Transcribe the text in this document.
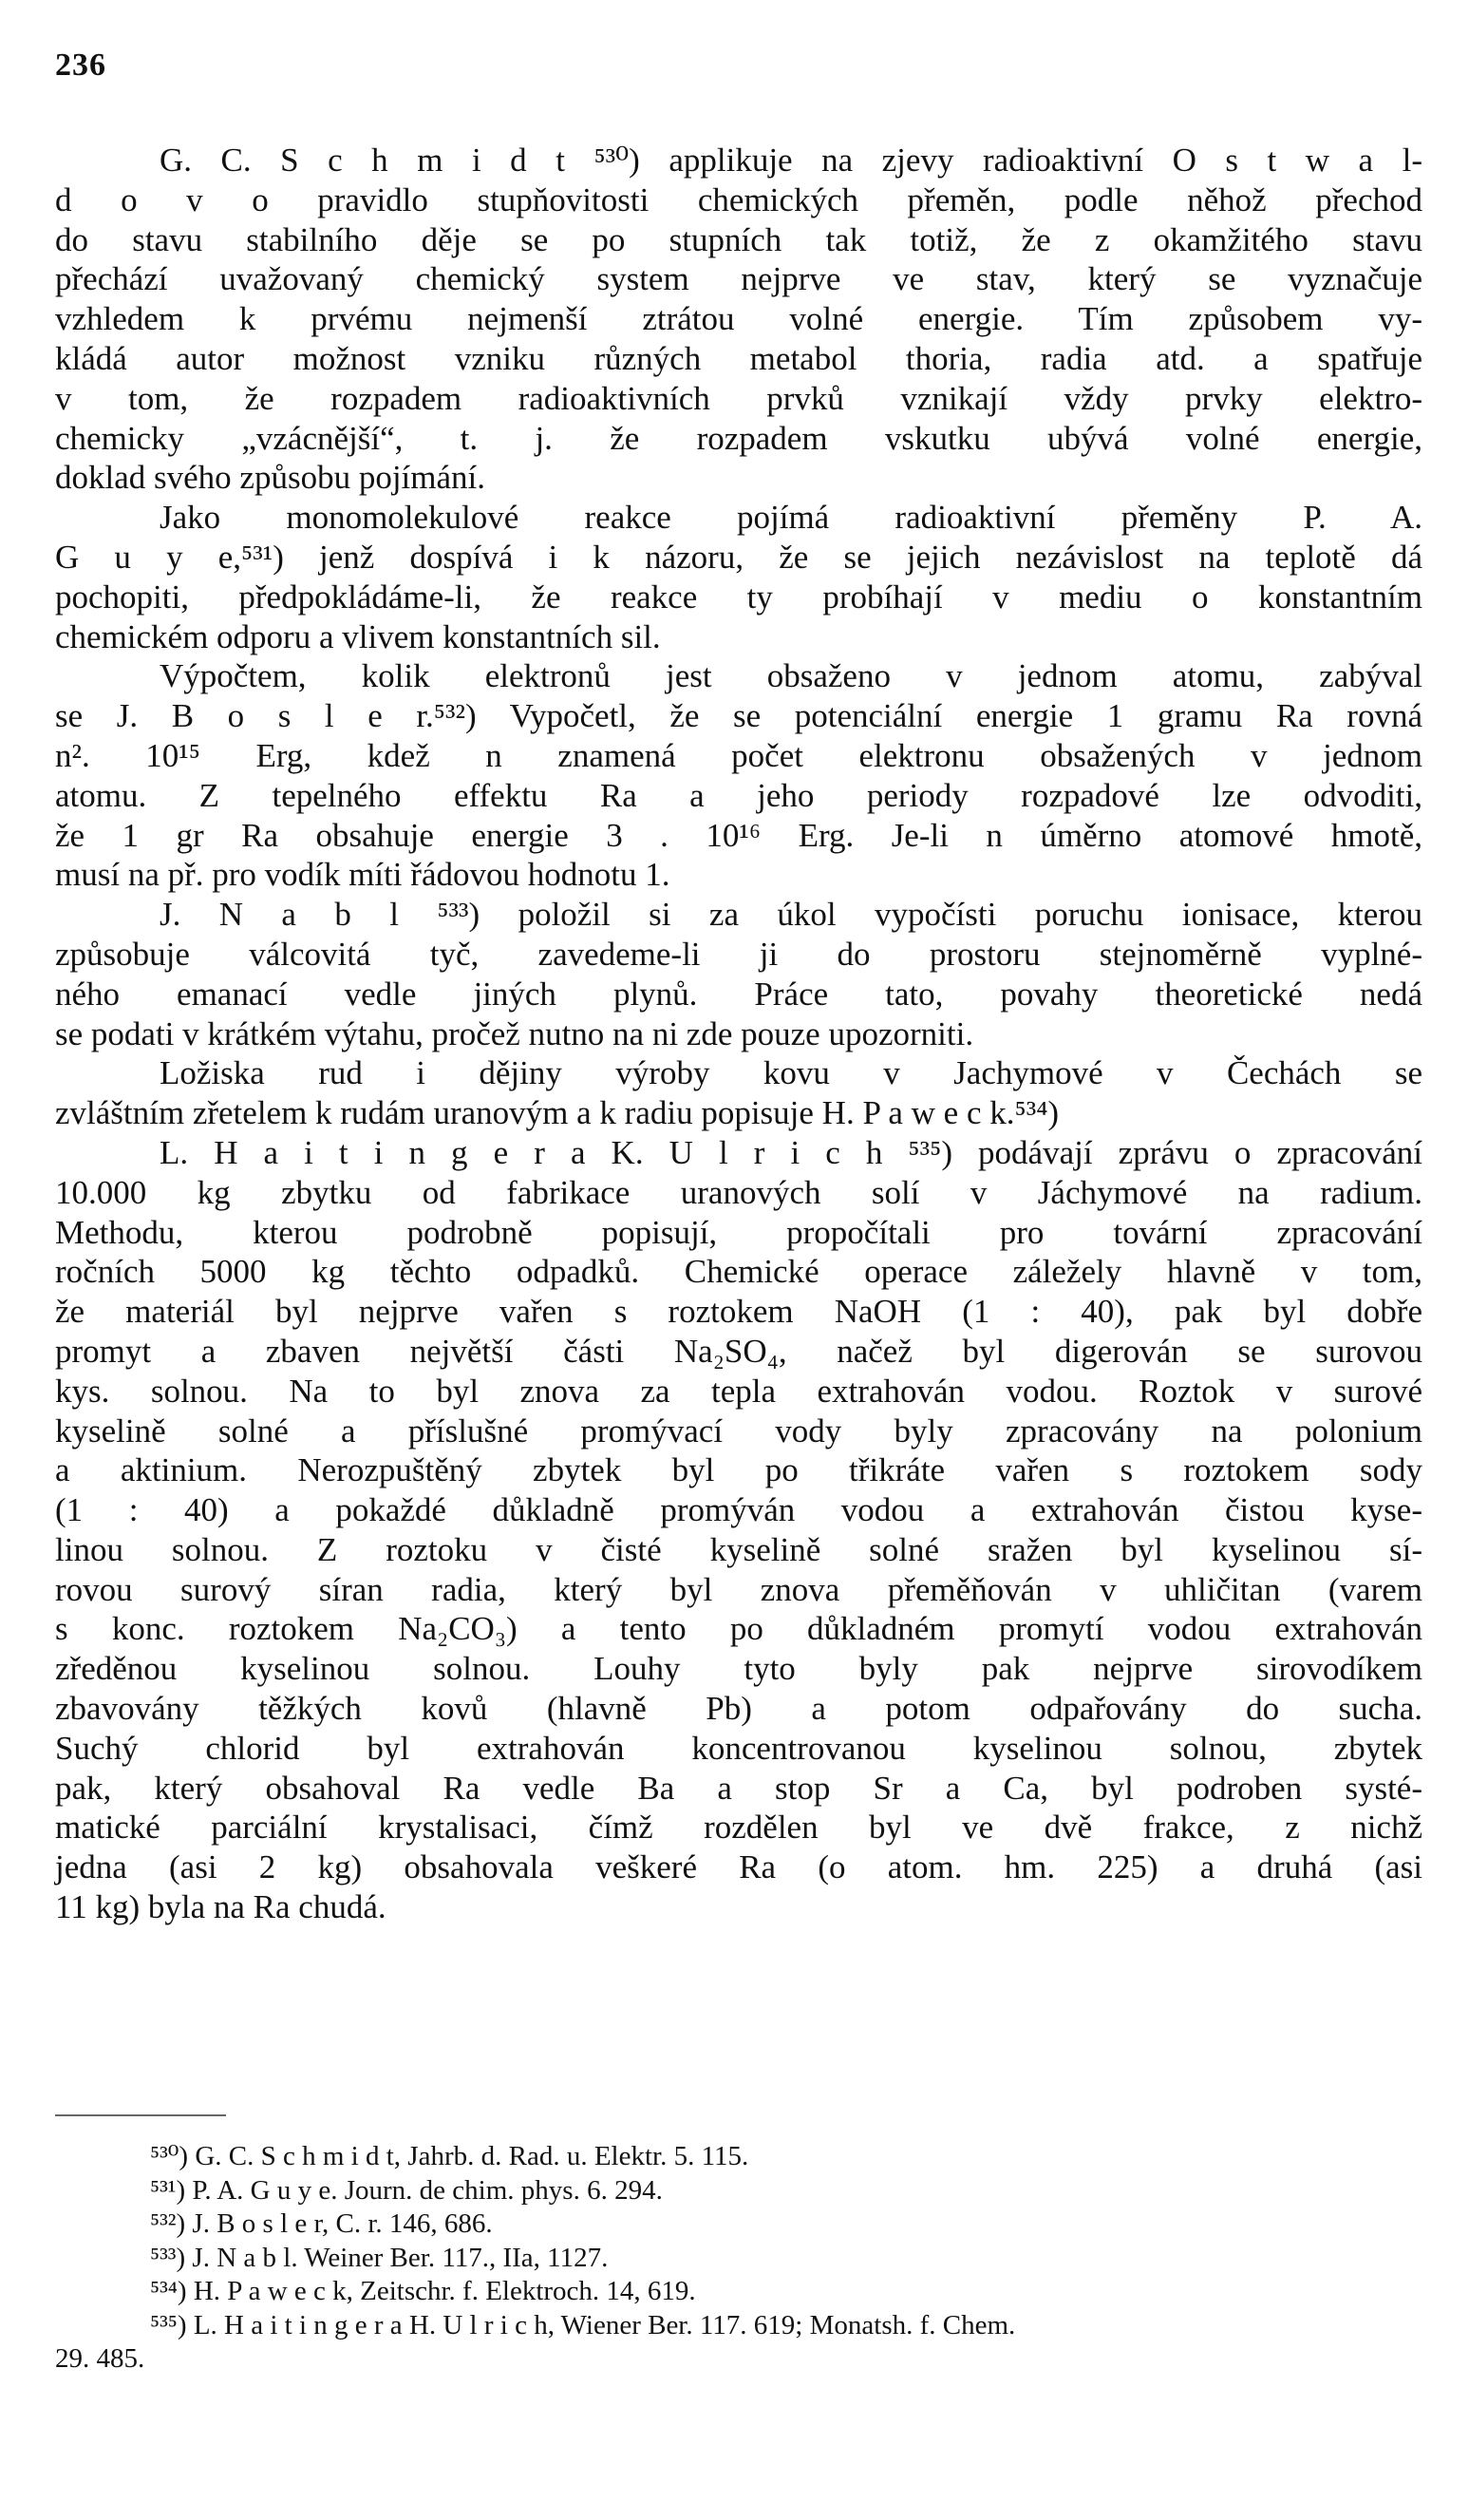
236
G. C. S c h m i d t ⁵³⁰) applikuje na zjevy radioaktivní O s t w a l-
d o v o pravidlo stupňovitosti chemických přeměn, podle něhož přechod
do stavu stabilního děje se po stupních tak totiž, že z okamžitého stavu
přechází uvažovaný chemický system nejprve ve stav, který se vyznačuje
vzhledem k prvému nejmenší ztrátou volné energie. Tím způsobem vy-
kládá autor možnost vzniku různých metabol thoria, radia atd. a spatřuje
v tom, že rozpadem radioaktivních prvků vznikají vždy prvky elektro-
chemicky „vzácnější“, t. j. že rozpadem vskutku ubývá volné energie,
doklad svého způsobu pojímání.
Jako monomolekulové reakce pojímá radioaktivní přeměny P. A.
G u y e,⁵³¹) jenž dospívá i k názoru, že se jejich nezávislost na teplotě dá
pochopiti, předpokládáme-li, že reakce ty probíhají v mediu o konstantním
chemickém odporu a vlivem konstantních sil.
Výpočtem, kolik elektronů jest obsaženo v jednom atomu, zabýval
se J. B o s l e r.⁵³²) Vypočetl, že se potenciální energie 1 gramu Ra rovná
n². 10¹⁵ Erg, kdež n znamená počet elektronu obsažených v jednom
atomu. Z tepelného effektu Ra a jeho periody rozpadové lze odvoditi,
že 1 gr Ra obsahuje energie 3 . 10¹⁶ Erg. Je-li n úměrno atomové hmotě,
musí na př. pro vodík míti řádovou hodnotu 1.
J. N a b l ⁵³³) položil si za úkol vypočísti poruchu ionisace, kterou
způsobuje válcovitá tyč, zavedeme-li ji do prostoru stejnoměrně vyplné-
ného emanací vedle jiných plynů. Práce tato, povahy theoretické nedá
se podati v krátkém výtahu, pročež nutno na ni zde pouze upozorniti.
Ložiska rud i dějiny výroby kovu v Jachymové v Čechách se
zvláštním zřetelem k rudám uranovým a k radiu popisuje H. P a w e c k.⁵³⁴)
L. H a i t i n g e r a K. U l r i c h ⁵³⁵) podávají zprávu o zpracování
10.000 kg zbytku od fabrikace uranových solí v Jáchymové na radium.
Methodu, kterou podrobně popisují, propočítali pro tovární zpracování
ročních 5000 kg těchto odpadků. Chemické operace záležely hlavně v tom,
že materiál byl nejprve vařen s roztokem NaOH (1 : 40), pak byl dobře
promyt a zbaven největší části Na₂SO₄, načež byl digerován se surovou
kys. solnou. Na to byl znova za tepla extrahován vodou. Roztok v surové
kyselině solné a příslušné promývací vody byly zpracovány na polonium
a aktinium. Nerozpuštěný zbytek byl po třikráte vařen s roztokem sody
(1 : 40) a pokaždé důkladně promýván vodou a extrahován čistou kyse-
linou solnou. Z roztoku v čisté kyselině solné sražen byl kyselinou sí-
rovou surový síran radia, který byl znova přeměňován v uhličitan (varem
s konc. roztokem Na₂CO₃) a tento po důkladném promytí vodou extrahován
zředěnou kyselinou solnou. Louhy tyto byly pak nejprve sirovodíkem
zbavovány těžkých kovů (hlavně Pb) a potom odpařovány do sucha.
Suchý chlorid byl extrahován koncentrovanou kyselinou solnou, zbytek
pak, který obsahoval Ra vedle Ba a stop Sr a Ca, byl podroben systé-
matické parciální krystalisaci, čímž rozdělen byl ve dvě frakce, z nichž
jedna (asi 2 kg) obsahovala veškeré Ra (o atom. hm. 225) a druhá (asi
11 kg) byla na Ra chudá.
⁵³⁰) G. C. S c h m i d t, Jahrb. d. Rad. u. Elektr. 5. 115.
⁵³¹) P. A. G u y e. Journ. de chim. phys. 6. 294.
⁵³²) J. B o s l e r, C. r. 146, 686.
⁵³³) J. N a b l. Weiner Ber. 117., IIa, 1127.
⁵³⁴) H. P a w e c k, Zeitschr. f. Elektroch. 14, 619.
⁵³⁵) L. H a i t i n g e r a H. U l r i c h, Wiener Ber. 117. 619; Monatsh. f. Chem.
29. 485.
